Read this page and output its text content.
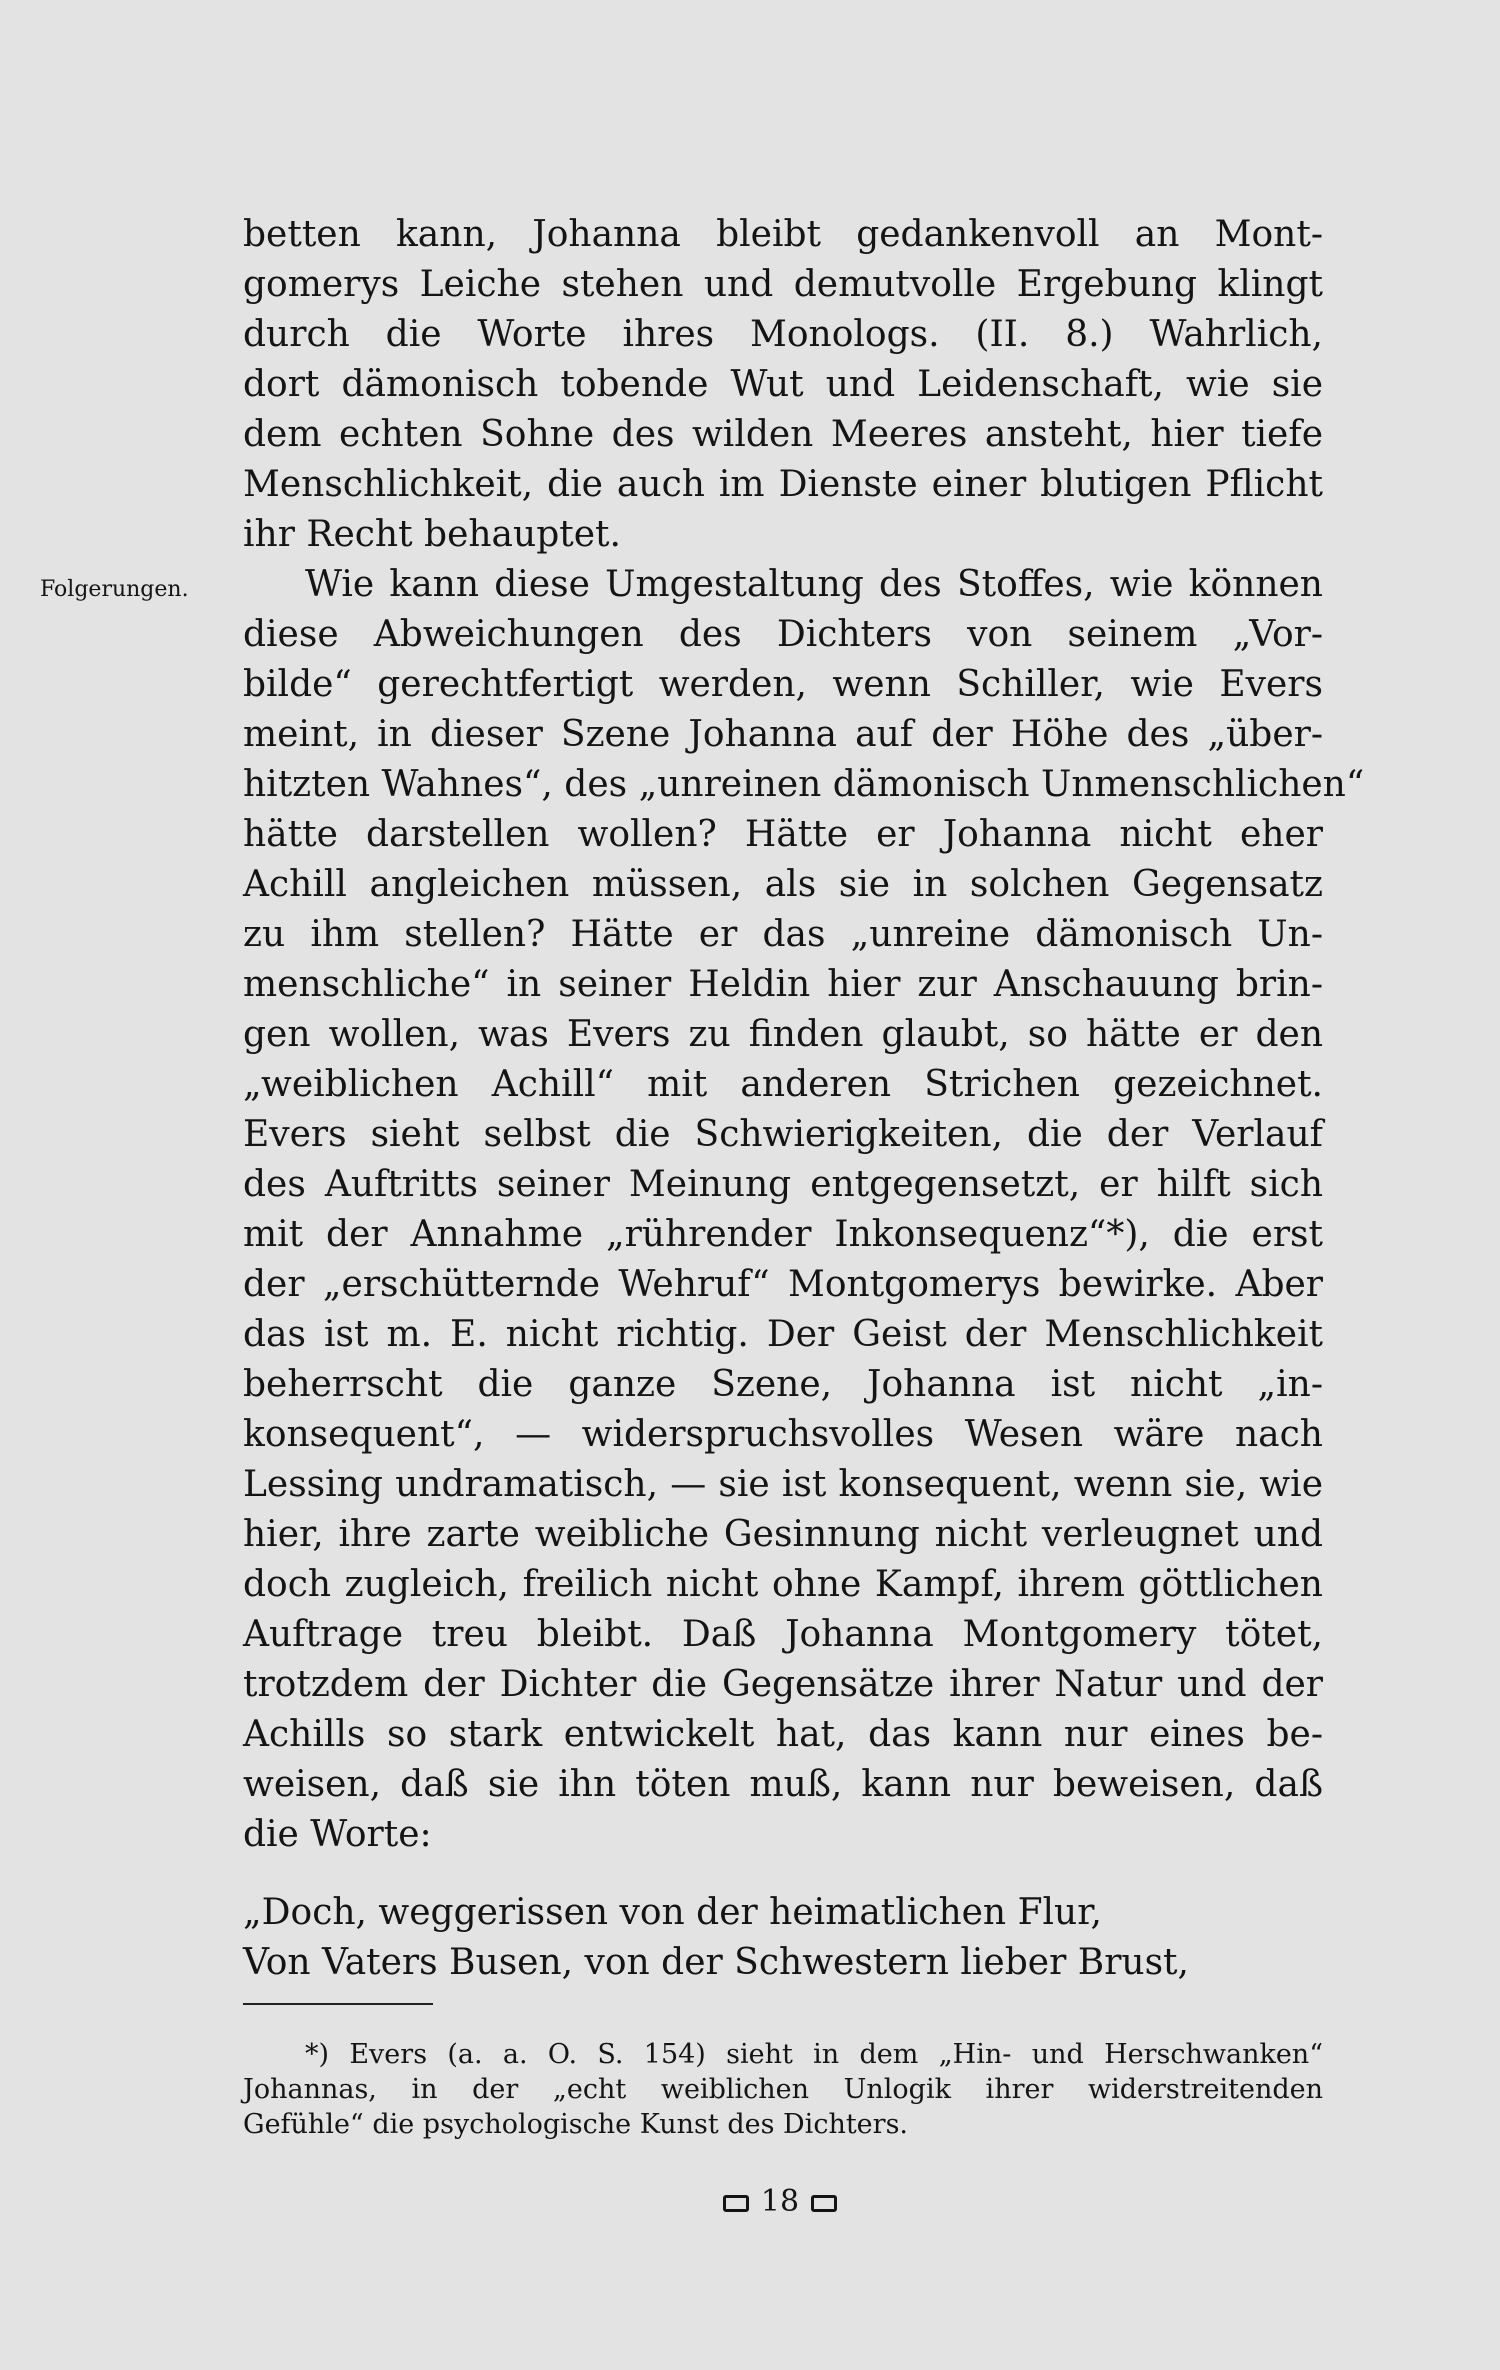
Folgerungen.
betten kann, Johanna bleibt gedankenvoll an Mont-
gomerys Leiche stehen und demutvolle Ergebung klingt
durch die Worte ihres Monologs. (II. 8.) Wahrlich,
dort dämonisch tobende Wut und Leidenschaft, wie sie
dem echten Sohne des wilden Meeres ansteht, hier tiefe
Menschlichkeit, die auch im Dienste einer blutigen Pflicht
ihr Recht behauptet.
Wie kann diese Umgestaltung des Stoffes, wie können
diese Abweichungen des Dichters von seinem „Vor-
bilde“ gerechtfertigt werden, wenn Schiller, wie Evers
meint, in dieser Szene Johanna auf der Höhe des „über-
hitzten Wahnes“, des „unreinen dämonisch Unmenschlichen“
hätte darstellen wollen? Hätte er Johanna nicht eher
Achill angleichen müssen, als sie in solchen Gegensatz
zu ihm stellen? Hätte er das „unreine dämonisch Un-
menschliche“ in seiner Heldin hier zur Anschauung brin-
gen wollen, was Evers zu finden glaubt, so hätte er den
„weiblichen Achill“ mit anderen Strichen gezeichnet.
Evers sieht selbst die Schwierigkeiten, die der Verlauf
des Auftritts seiner Meinung entgegensetzt, er hilft sich
mit der Annahme „rührender Inkonsequenz“*), die erst
der „erschütternde Wehruf“ Montgomerys bewirke. Aber
das ist m. E. nicht richtig. Der Geist der Menschlichkeit
beherrscht die ganze Szene, Johanna ist nicht „in-
konsequent“, — widerspruchsvolles Wesen wäre nach
Lessing undramatisch, — sie ist konsequent, wenn sie, wie
hier, ihre zarte weibliche Gesinnung nicht verleugnet und
doch zugleich, freilich nicht ohne Kampf, ihrem göttlichen
Auftrage treu bleibt. Daß Johanna Montgomery tötet,
trotzdem der Dichter die Gegensätze ihrer Natur und der
Achills so stark entwickelt hat, das kann nur eines be-
weisen, daß sie ihn töten muß, kann nur beweisen, daß
die Worte:
„Doch, weggerissen von der heimatlichen Flur,
Von Vaters Busen, von der Schwestern lieber Brust,
*) Evers (a. a. O. S. 154) sieht in dem „Hin- und Herschwanken“
Johannas, in der „echt weiblichen Unlogik ihrer widerstreitenden
Gefühle“ die psychologische Kunst des Dichters.
18
